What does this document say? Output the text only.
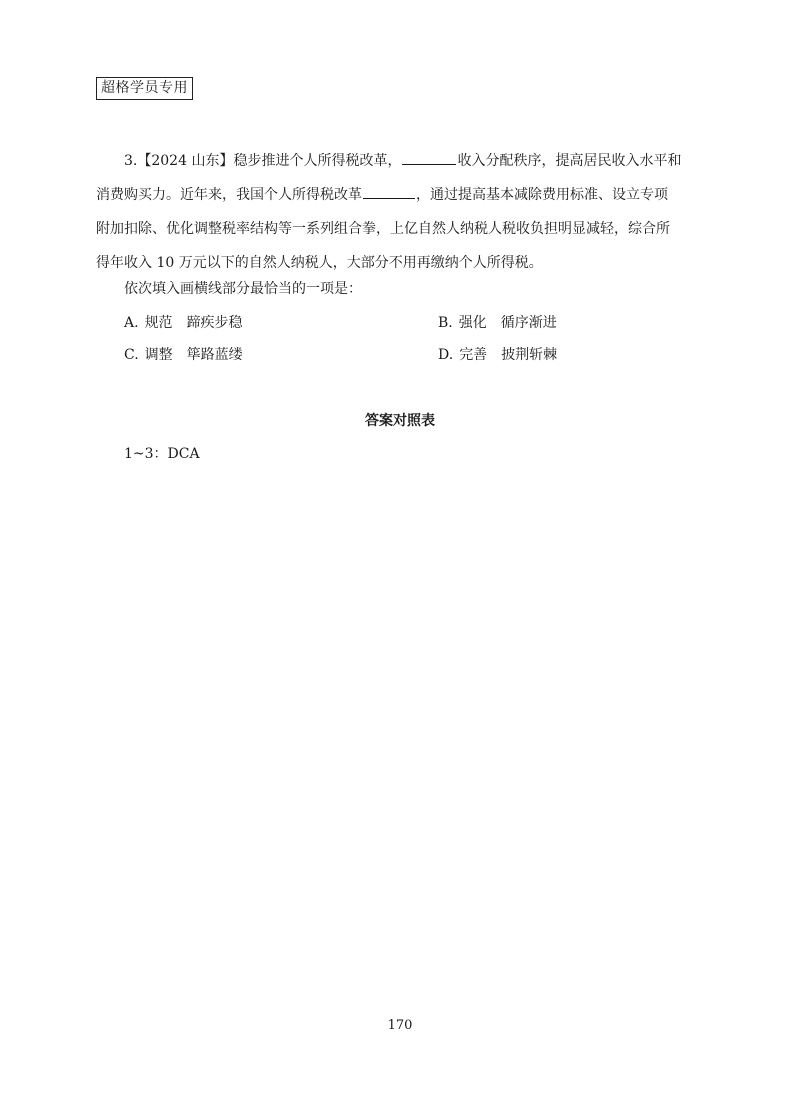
超格学员专用
3.【2024 山东】稳步推进个人所得税改革，	收入分配秩序，提高居民收入水平和
消费购买力。近年来，我国个人所得税改革	，通过提高基本减除费用标准、设立专项
附加扣除、优化调整税率结构等一系列组合拳，上亿自然人纳税人税收负担明显减轻，综合所
得年收入 10 万元以下的自然人纳税人，大部分不用再缴纳个人所得税。
依次填入画横线部分最恰当的一项是：
A. 规范 蹄疾步稳	B. 强化 循序渐进
C. 调整 筚路蓝缕	D. 完善 披荆斩棘
答案对照表
1~3：DCA
170
